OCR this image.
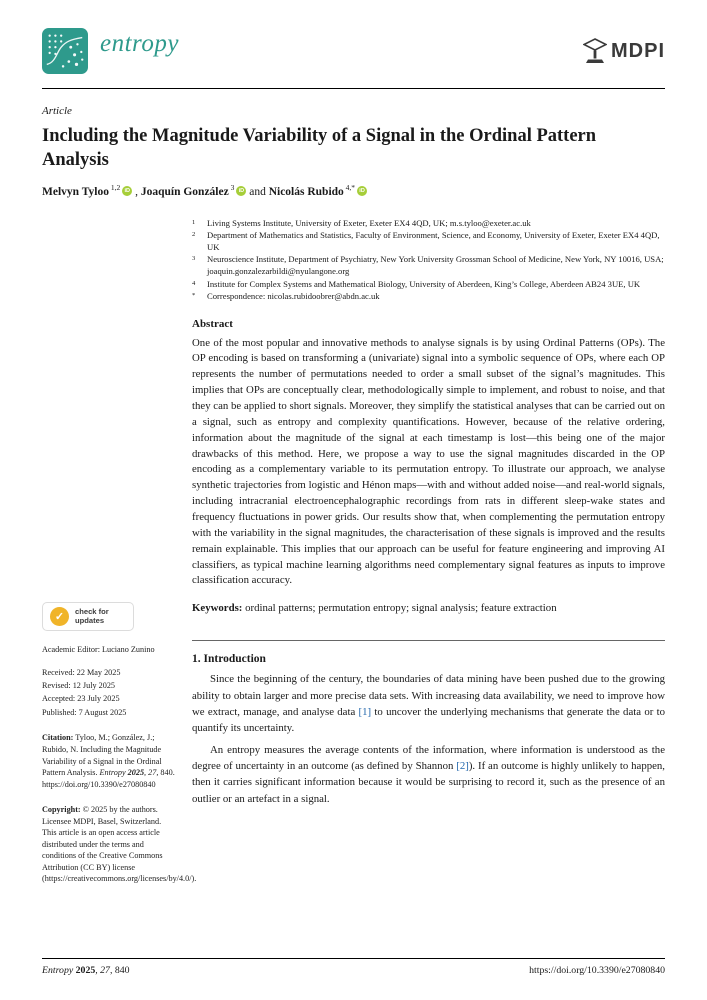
entropy	MDPI
Article
Including the Magnitude Variability of a Signal in the Ordinal Pattern Analysis
Melvyn Tyloo $^{1,2}$ iD , Joaquín González $^3$ iD and Nicolás Rubido $^{4,*}$ iD
✓	check for
updates
Academic Editor: Luciano Zunino
Received: 22 May 2025
Revised: 12 July 2025
Accepted: 23 July 2025
Published: 7 August 2025
Citation: Tyloo, M.; González, J.; Rubido, N. Including the Magnitude Variability of a Signal in the Ordinal Pattern Analysis. Entropy 2025, 27, 840. https://doi.org/10.3390/e27080840
Copyright: © 2025 by the authors. Licensee MDPI, Basel, Switzerland. This article is an open access article distributed under the terms and conditions of the Creative Commons Attribution (CC BY) license (https://creativecommons.org/licenses/by/4.0/).
1	Living Systems Institute, University of Exeter, Exeter EX4 4QD, UK; m.s.tyloo@exeter.ac.uk
2	Department of Mathematics and Statistics, Faculty of Environment, Science, and Economy, University of Exeter, Exeter EX4 4QD, UK
3	Neuroscience Institute, Department of Psychiatry, New York University Grossman School of Medicine, New York, NY 10016, USA; joaquin.gonzalezarbildi@nyulangone.org
4	Institute for Complex Systems and Mathematical Biology, University of Aberdeen, King’s College, Aberdeen AB24 3UE, UK
*	Correspondence: nicolas.rubidoobrer@abdn.ac.uk
Abstract
One of the most popular and innovative methods to analyse signals is by using Ordinal Patterns (OPs). The OP encoding is based on transforming a (univariate) signal into a symbolic sequence of OPs, where each OP represents the number of permutations needed to order a small subset of the signal’s magnitudes. This implies that OPs are conceptually clear, methodologically simple to implement, and robust to noise, and that they can be applied to short signals. Moreover, they simplify the statistical analyses that can be carried out on a signal, such as entropy and complexity quantifications. However, because of the relative ordering, information about the magnitude of the signal at each timestamp is lost—this being one of the major drawbacks of this method. Here, we propose a way to use the signal magnitudes discarded in the OP encoding as a complementary variable to its permutation entropy. To illustrate our approach, we analyse synthetic trajectories from logistic and Hénon maps—with and without added noise—and real-world signals, including intracranial electroencephalographic recordings from rats in different sleep-wake states and frequency fluctuations in power grids. Our results show that, when complementing the permutation entropy with the variability in the signal magnitudes, the characterisation of these signals is improved and the results remain explainable. This implies that our approach can be useful for feature engineering and improving AI classifiers, as typical machine learning algorithms need complementary signal features as inputs to improve classification accuracy.
Keywords: ordinal patterns; permutation entropy; signal analysis; feature extraction
1. Introduction

Since the beginning of the century, the boundaries of data mining have been pushed due to the growing ability to obtain larger and more precise data sets. With increasing data availability, we need to improve how we extract, manage, and analyse data [1] to uncover the underlying mechanisms that generate the data or to quantify its uncertainty.

An entropy measures the average contents of the information, where information is understood as the degree of uncertainty in an outcome (as defined by Shannon [2]). If an outcome is highly unlikely to happen, then it carries significant information because it would be surprising to record it, such as the presence of an outlier or an artefact in a signal.

Entropy 2025, 27, 840	https://doi.org/10.3390/e27080840
